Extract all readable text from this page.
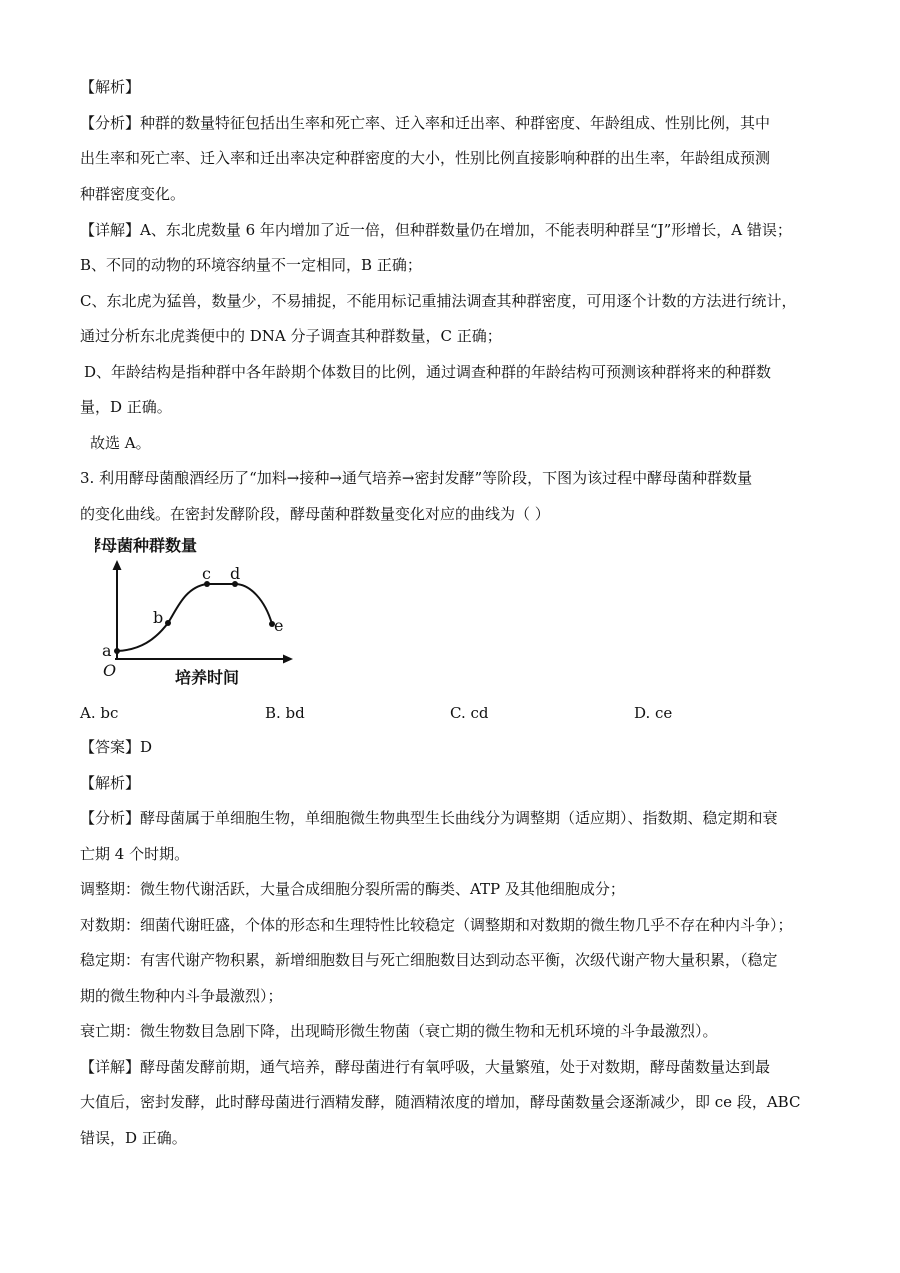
【解析】
【分析】种群的数量特征包括出生率和死亡率、迁入率和迁出率、种群密度、年龄组成、性别比例，其中
出生率和死亡率、迁入率和迁出率决定种群密度的大小，性别比例直接影响种群的出生率，年龄组成预测
种群密度变化。
【详解】A、东北虎数量 6 年内增加了近一倍，但种群数量仍在增加，不能表明种群呈“J”形增长，A 错误；
B、不同的动物的环境容纳量不一定相同，B 正确；
C、东北虎为猛兽，数量少，不易捕捉，不能用标记重捕法调查其种群密度，可用逐个计数的方法进行统计，
通过分析东北虎粪便中的 DNA 分子调查其种群数量，C 正确；
D、年龄结构是指种群中各年龄期个体数目的比例，通过调查种群的年龄结构可预测该种群将来的种群数
量，D 正确。
故选 A。
3. 利用酵母菌酿酒经历了“加料→接种→通气培养→密封发酵”等阶段，下图为该过程中酵母菌种群数量
的变化曲线。在密封发酵阶段，酵母菌种群数量变化对应的曲线为（ ）
酵母菌种群数量
a
b
c d
e
O	培养时间
A. bc	B. bd	C. cd	D. ce
【答案】D
【解析】
【分析】酵母菌属于单细胞生物，单细胞微生物典型生长曲线分为调整期（适应期）、指数期、稳定期和衰
亡期 4 个时期。
调整期：微生物代谢活跃，大量合成细胞分裂所需的酶类、ATP 及其他细胞成分；
对数期：细菌代谢旺盛，个体的形态和生理特性比较稳定（调整期和对数期的微生物几乎不存在种内斗争）；
稳定期：有害代谢产物积累，新增细胞数目与死亡细胞数目达到动态平衡，次级代谢产物大量积累，（稳定
期的微生物种内斗争最激烈）；
衰亡期：微生物数目急剧下降，出现畸形微生物菌（衰亡期的微生物和无机环境的斗争最激烈）。
【详解】酵母菌发酵前期，通气培养，酵母菌进行有氧呼吸，大量繁殖，处于对数期，酵母菌数量达到最
大值后，密封发酵，此时酵母菌进行酒精发酵，随酒精浓度的增加，酵母菌数量会逐渐减少，即 ce 段，ABC
错误，D 正确。
